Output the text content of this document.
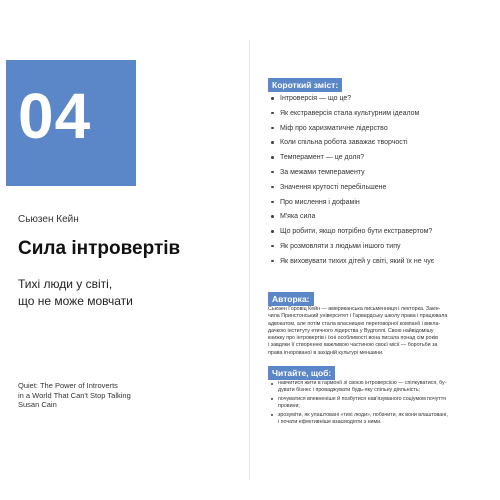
04
Сьюзен Кейн
Сила інтровертів
Тихі люди у світі,
що не може мовчати
Quiet: The Power of Introverts
in a World That Can't Stop Talking
Susan Cain
Короткий зміст:
Інтроверсія — що це?
Як екстраверсія стала культурним ідеалом
Міф про харизматичне лідерство
Коли спільна робота заважає творчості
Темперамент — це доля?
За межами темпераменту
Значення крутості перебільшене
Про мислення і дофамін
М'яка сила
Що робити, якщо потрібно бути екстравертом?
Як розмовляти з людьми іншого типу
Як виховувати тихих дітей у світі, який їх не чує
Авторка:
Сьюзен Горовіц Кейн — американська письменниця і лекторка. Закін-
чила Принстонський університет і Гарвардську школу права і працювала
адвокатом, але потім стала власницею переговорної компанії і викла-
дачкою інституту етичного лідерства у Вудголлі. Свою найвідомішу
книжку про інтровертів і їхні особливості вона писала понад сім років
і завдяки її створенню важливою частиною своєї місії — боротьби за
права ігнорованої в західній культурі меншини.
Читайте, щоб:
навчитися жити в гармонії зі своєю інтроверсією — спілкуватися, бу-
дувати бізнес і проваджувати будь-яку спільну діяльність;
почуватися впевненіше й позбутися нав'язуваного соціумом почуття
провини;
зрозуміти, як улаштовані «тихі люди», побачити, як вони влаштовані,
і почати ефективніше взаємодіяти з ними.
